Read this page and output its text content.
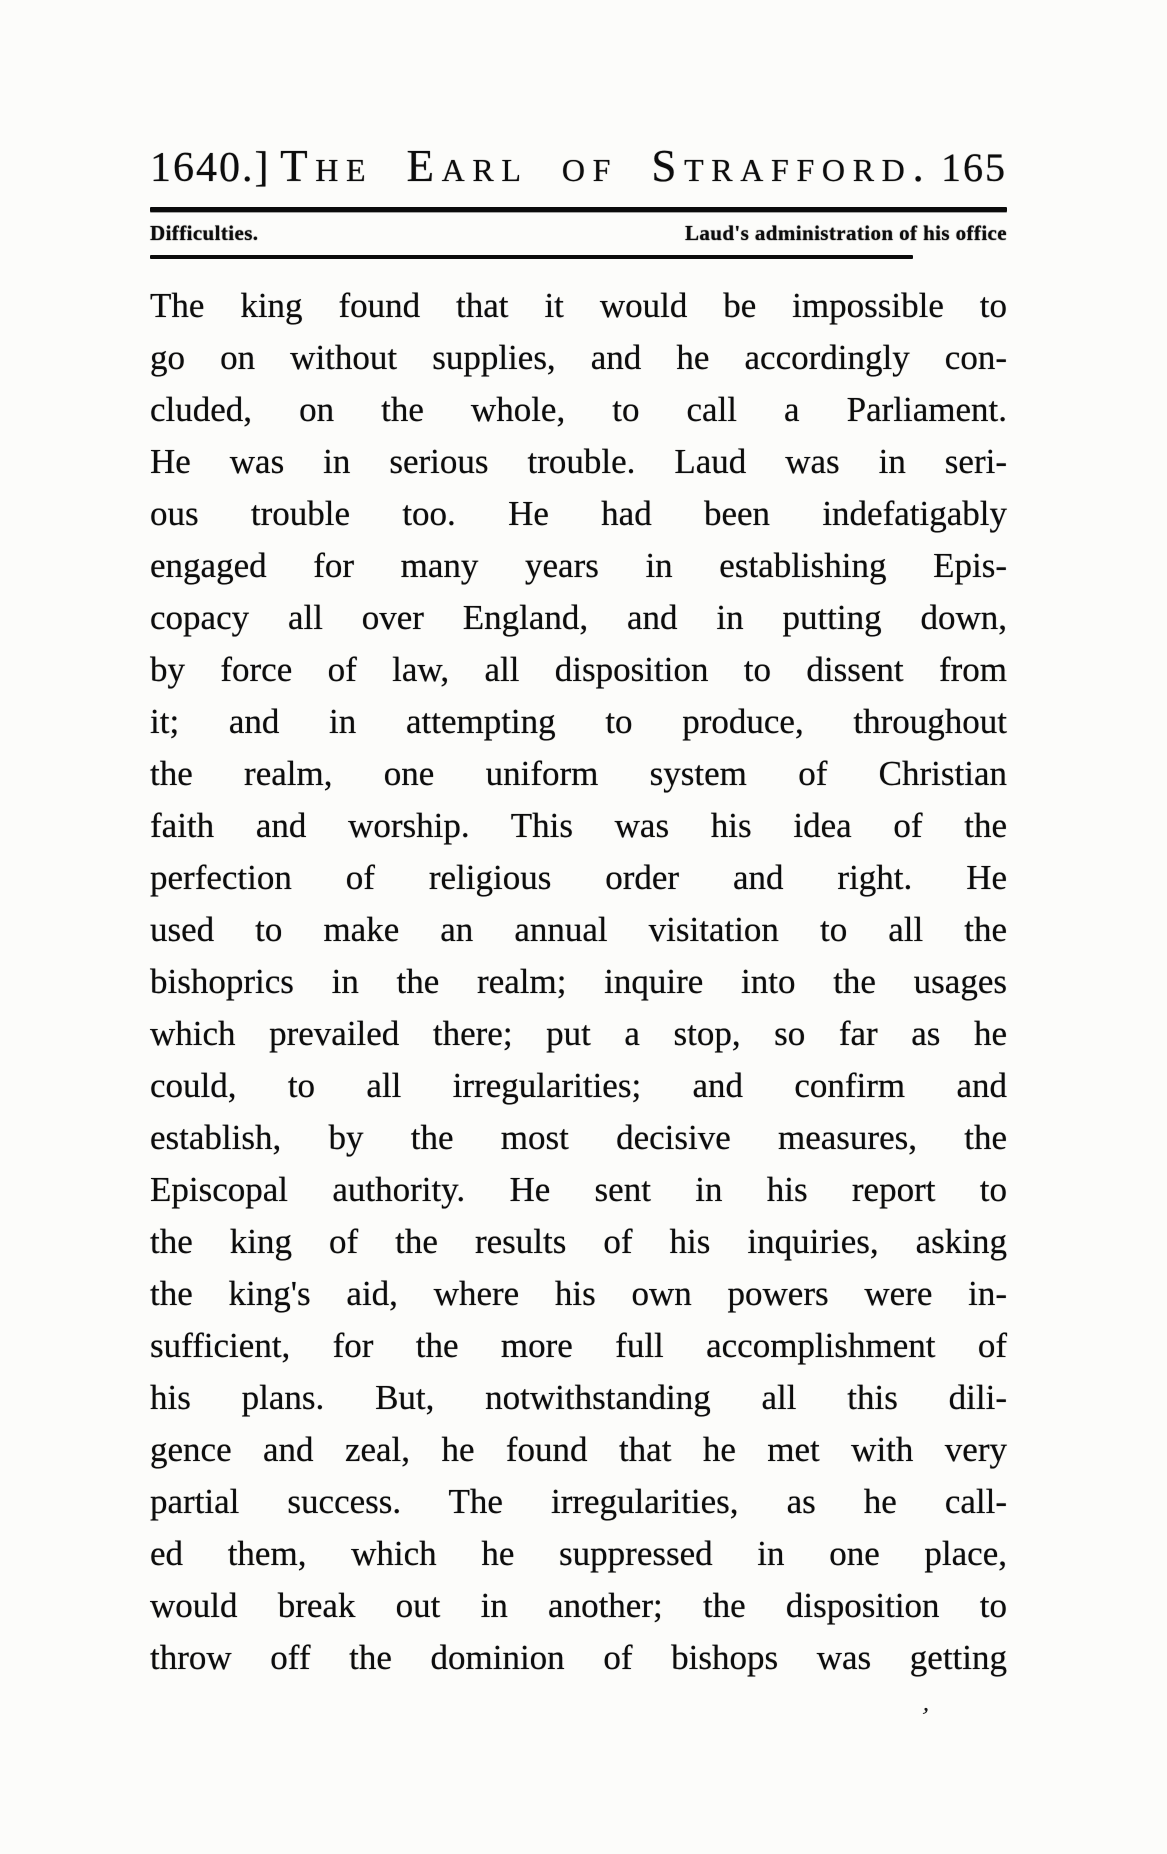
1640.] The Earl of Strafford. 165
Difficulties.	Laud's administration of his office
The king found that it would be impossible to
go on without supplies, and he accordingly con-
cluded, on the whole, to call a Parliament.
He was in serious trouble. Laud was in seri-
ous trouble too. He had been indefatigably
engaged for many years in establishing Epis-
copacy all over England, and in putting down,
by force of law, all disposition to dissent from
it; and in attempting to produce, throughout
the realm, one uniform system of Christian
faith and worship. This was his idea of the
perfection of religious order and right. He
used to make an annual visitation to all the
bishoprics in the realm; inquire into the usages
which prevailed there; put a stop, so far as he
could, to all irregularities; and confirm and
establish, by the most decisive measures, the
Episcopal authority. He sent in his report to
the king of the results of his inquiries, asking
the king's aid, where his own powers were in-
sufficient, for the more full accomplishment of
his plans. But, notwithstanding all this dili-
gence and zeal, he found that he met with very
partial success. The irregularities, as he call-
ed them, which he suppressed in one place,
would break out in another; the disposition to
throw off the dominion of bishops was getting
’
